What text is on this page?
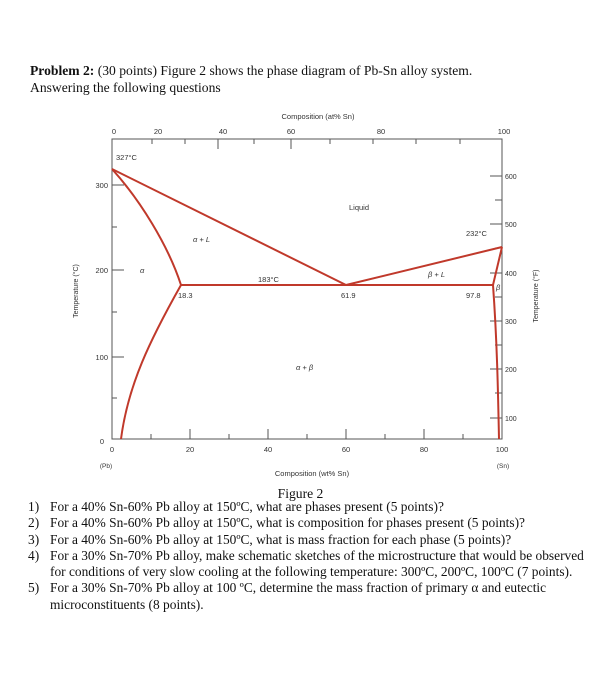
Problem 2: (30 points) Figure 2 shows the phase diagram of Pb-Sn alloy system.
Answering the following questions
Composition (at% Sn)
0	20	40	60	80	100
0	20	40	60	80	100
(Pb)	(Sn)
Composition (wt% Sn)
300
200
100
0
Temperature (°C)
600
500
400
300
200
100
Temperature (°F)
327°C
232°C
183°C
Liquid
α + L
β + L
α + β
α
β
18.3	61.9	97.8
Figure 2
1) For a 40% Sn-60% Pb alloy at 150ºC, what are phases present (5 points)?
2) For a 40% Sn-60% Pb alloy at 150ºC, what is composition for phases present (5 points)?
3) For a 40% Sn-60% Pb alloy at 150ºC, what is mass fraction for each phase (5 points)?
4) For a 30% Sn-70% Pb alloy, make schematic sketches of the microstructure that would be observed for conditions of very slow cooling at the following temperature: 300ºC, 200ºC, 100ºC (7 points).
5) For a 30% Sn-70% Pb alloy at 100 ºC, determine the mass fraction of primary α and eutectic microconstituents (8 points).
